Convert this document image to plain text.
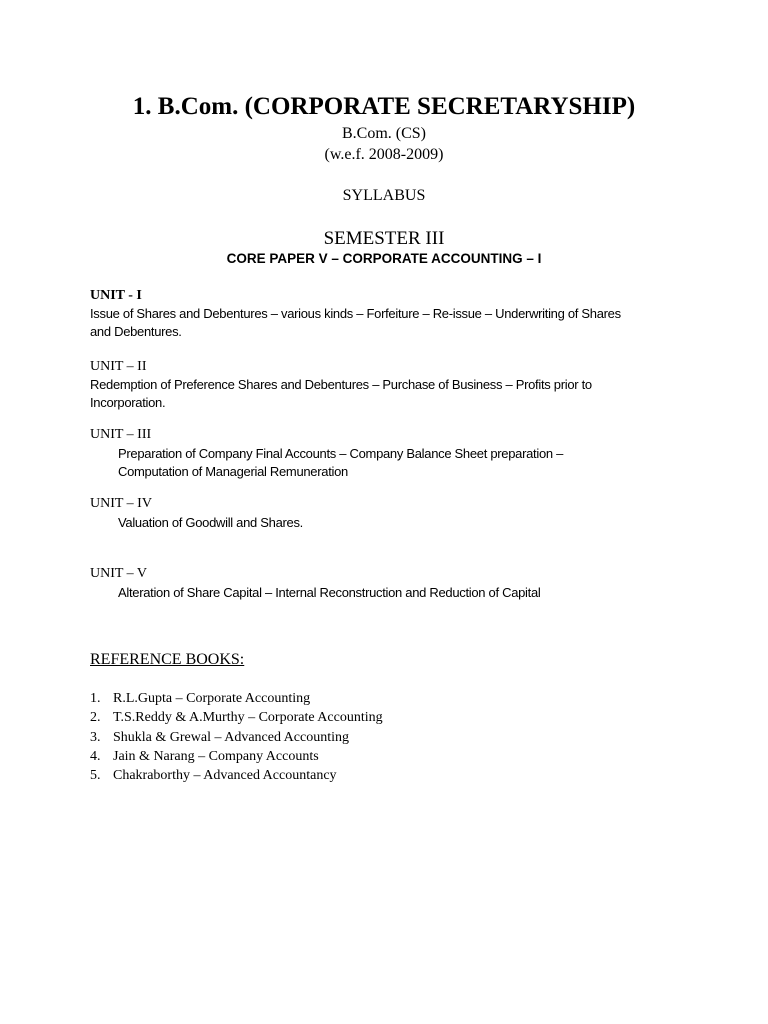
1. B.Com. (CORPORATE SECRETARYSHIP)
B.Com. (CS)
(w.e.f. 2008-2009)
SYLLABUS
SEMESTER III
CORE PAPER V – CORPORATE ACCOUNTING – I
UNIT - I
Issue of Shares and Debentures – various kinds – Forfeiture – Re-issue – Underwriting of Shares
and Debentures.
UNIT – II
Redemption of Preference Shares and Debentures – Purchase of Business – Profits prior to
Incorporation.
UNIT – III
Preparation of Company Final Accounts – Company Balance Sheet preparation –
Computation of Managerial Remuneration
UNIT – IV
Valuation of Goodwill and Shares.
UNIT – V
Alteration of Share Capital – Internal Reconstruction and Reduction of Capital
REFERENCE BOOKS:
1. R.L.Gupta – Corporate Accounting
2. T.S.Reddy & A.Murthy – Corporate Accounting
3. Shukla & Grewal – Advanced Accounting
4. Jain & Narang – Company Accounts
5. Chakraborthy – Advanced Accountancy
